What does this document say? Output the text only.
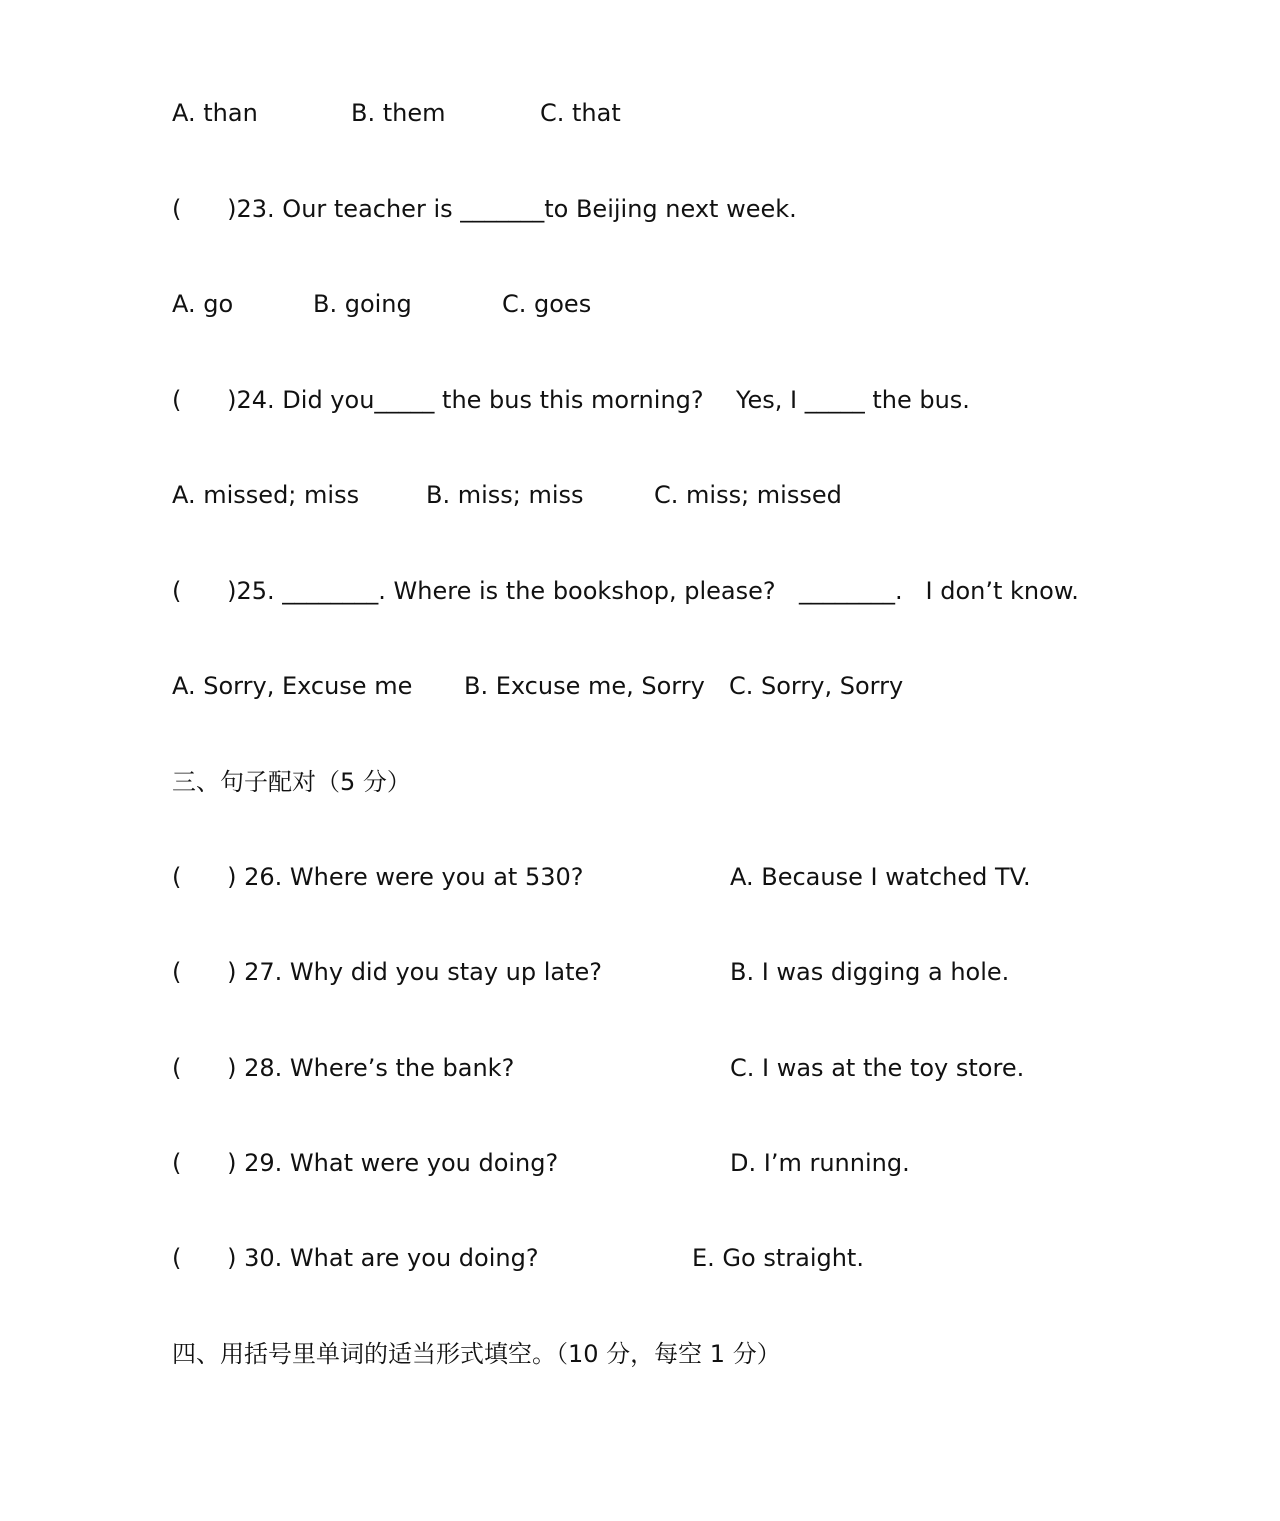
A. than

	B. them

	C. that

(      )23. Our teacher is _______to Beijing next week.

A. go

	B. going

	C. goes

(      )24. Did you_____ the bus this morning?

Yes, I _____ the bus.

A. missed; miss

	B. miss; miss

	C. miss; missed

(      )25. ________. Where is the bookshop, please?

________.   I don’t know.

A. Sorry, Excuse me

B. Excuse me, Sorry

C. Sorry, Sorry

三、句子配对（5 分）

(      ) 26. Where were you at 530?

	A. Because I watched TV.

(      ) 27. Why did you stay up late?

	B. I was digging a hole.

(      ) 28. Where’s the bank?

	C. I was at the toy store.

(      ) 29. What were you doing?

	D. I’m running.

(      ) 30. What are you doing?

	E. Go straight.

四、用括号里单词的适当形式填空。（10 分，每空 1 分）
